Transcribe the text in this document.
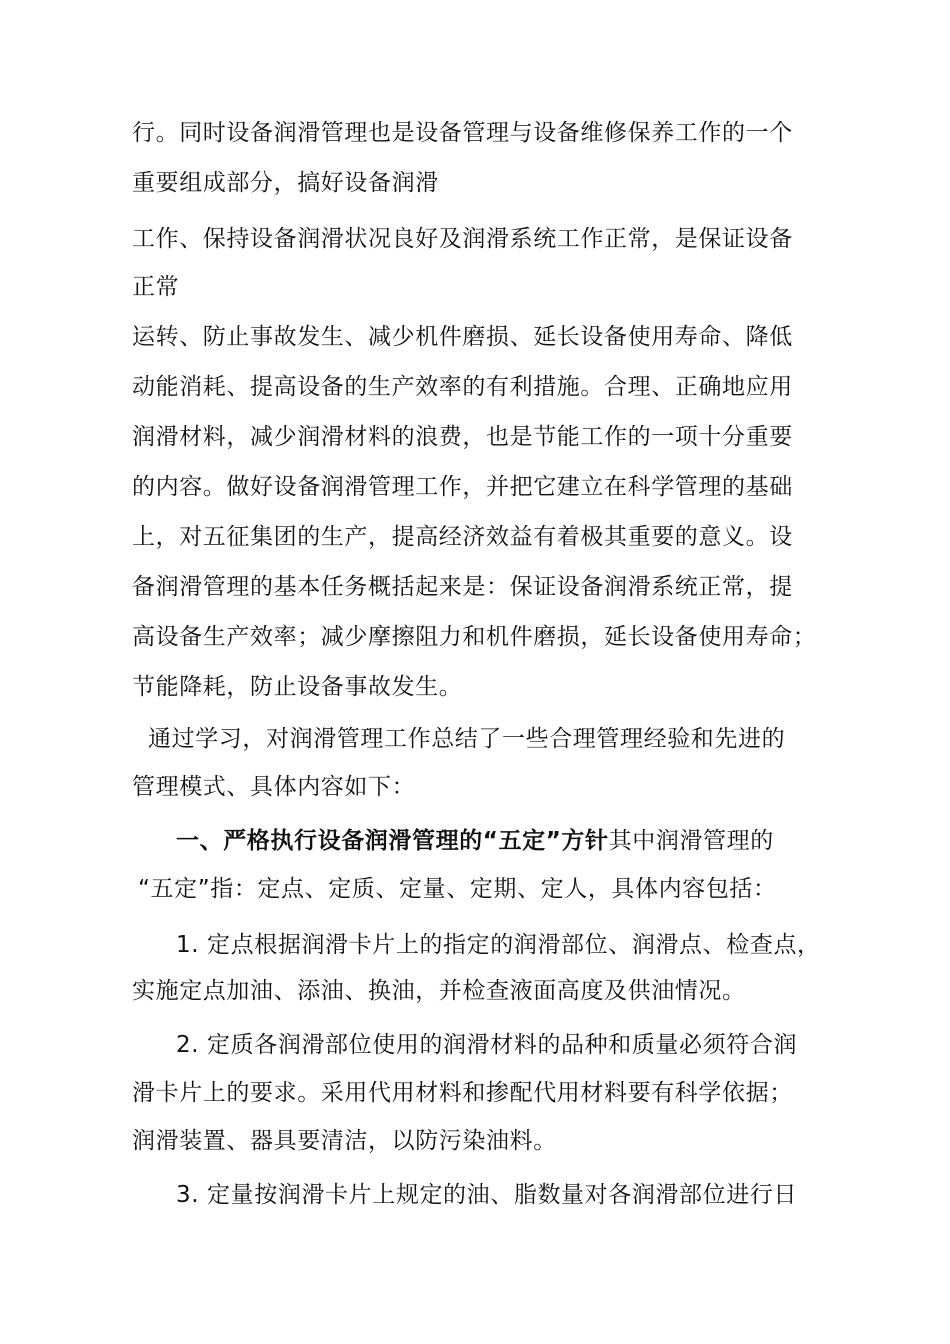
行。同时设备润滑管理也是设备管理与设备维修保养工作的一个
重要组成部分，搞好设备润滑
工作、保持设备润滑状况良好及润滑系统工作正常，是保证设备
正常
运转、防止事故发生、减少机件磨损、延长设备使用寿命、降低
动能消耗、提高设备的生产效率的有利措施。合理、正确地应用
润滑材料，减少润滑材料的浪费，也是节能工作的一项十分重要
的内容。做好设备润滑管理工作，并把它建立在科学管理的基础
上，对五征集团的生产，提高经济效益有着极其重要的意义。设
备润滑管理的基本任务概括起来是：保证设备润滑系统正常，提
高设备生产效率；减少摩擦阻力和机件磨损，延长设备使用寿命；
节能降耗，防止设备事故发生。
通过学习，对润滑管理工作总结了一些合理管理经验和先进的
管理模式、具体内容如下：
一、严格执行设备润滑管理的“五定”方针其中润滑管理的
“五定”指：定点、定质、定量、定期、定人，具体内容包括：
1. 定点根据润滑卡片上的指定的润滑部位、润滑点、检查点，
实施定点加油、添油、换油，并检查液面高度及供油情况。
2. 定质各润滑部位使用的润滑材料的品种和质量必须符合润
滑卡片上的要求。采用代用材料和掺配代用材料要有科学依据；
润滑装置、器具要清洁，以防污染油料。
3. 定量按润滑卡片上规定的油、脂数量对各润滑部位进行日
